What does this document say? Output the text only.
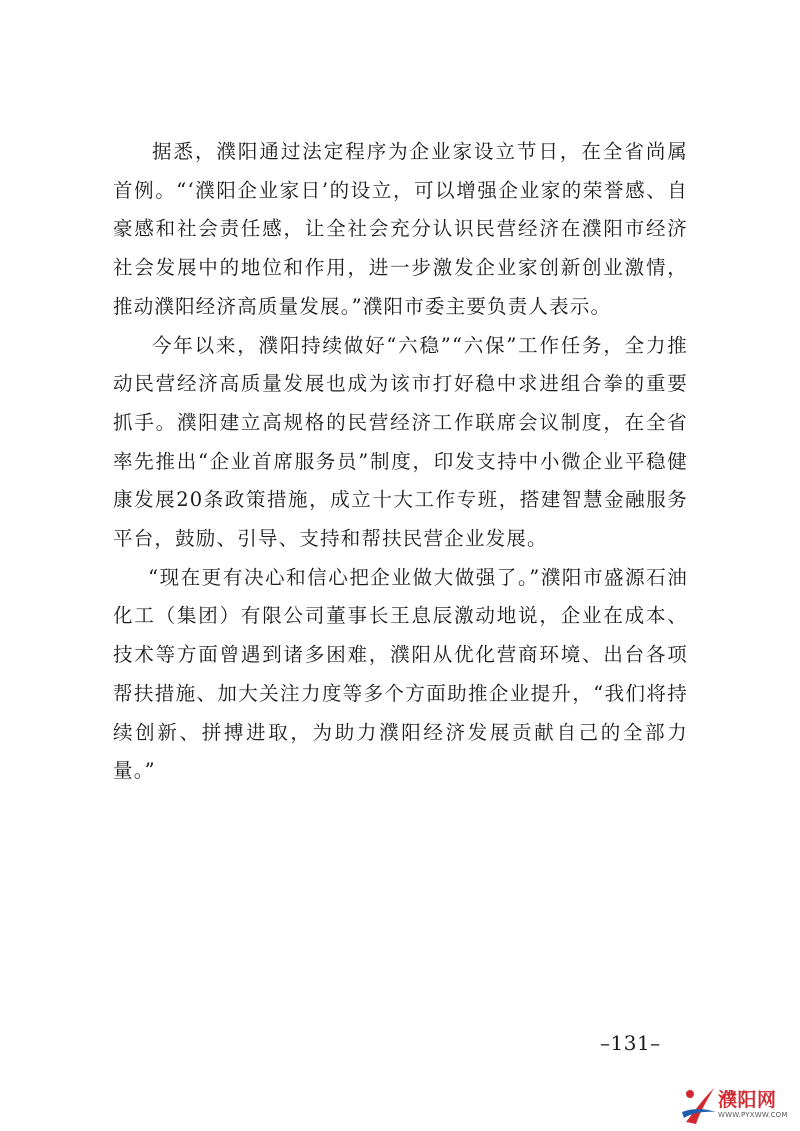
据悉，濮阳通过法定程序为企业家设立节日，在全省尚属首例。“‘濮阳企业家日’的设立，可以增强企业家的荣誉感、自豪感和社会责任感，让全社会充分认识民营经济在濮阳市经济社会发展中的地位和作用，进一步激发企业家创新创业激情，推动濮阳经济高质量发展。”濮阳市委主要负责人表示。

今年以来，濮阳持续做好“六稳”“六保”工作任务，全力推动民营经济高质量发展也成为该市打好稳中求进组合拳的重要抓手。濮阳建立高规格的民营经济工作联席会议制度，在全省率先推出“企业首席服务员”制度，印发支持中小微企业平稳健康发展20条政策措施，成立十大工作专班，搭建智慧金融服务平台，鼓励、引导、支持和帮扶民营企业发展。

“现在更有决心和信心把企业做大做强了。”濮阳市盛源石油化工（集团）有限公司董事长王息辰激动地说，企业在成本、技术等方面曾遇到诸多困难，濮阳从优化营商环境、出台各项帮扶措施、加大关注力度等多个方面助推企业提升，“我们将持续创新、拼搏进取，为助力濮阳经济发展贡献自己的全部力量。”

–131–
濮阳网
WWW.PYXWW.COM
